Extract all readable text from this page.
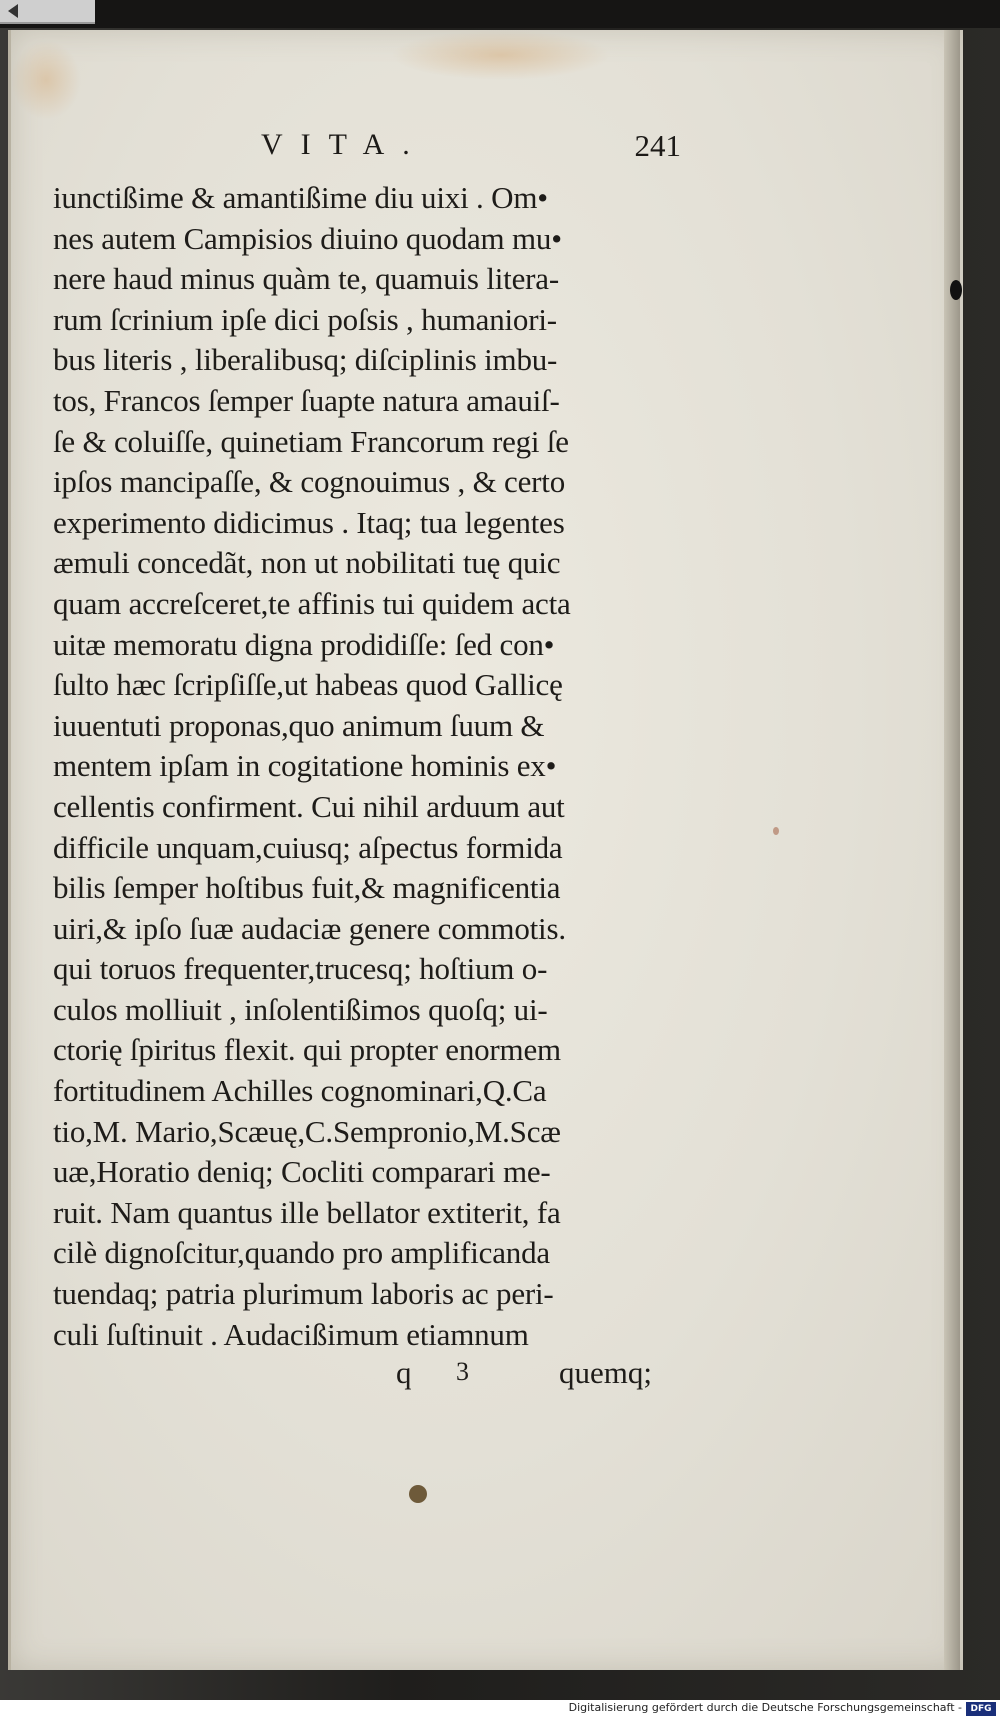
VITA.	241
iunctißime & amantißime diu uixi . Om•
nes autem Campisios diuino quodam mu•
nere haud minus quàm te, quamuis litera-
rum ſcrinium ipſe dici poſsis , humaniori-
bus literis , liberalibusq; diſciplinis imbu-
tos, Francos ſemper ſuapte natura amauiſ-
ſe & coluiſſe, quinetiam Francorum regi ſe
ipſos mancipaſſe, & cognouimus , & certo
experimento didicimus . Itaq; tua legentes
æmuli concedãt, non ut nobilitati tuę quic
quam accreſceret,te affinis tui quidem acta
uitæ memoratu digna prodidiſſe: ſed con•
ſulto hæc ſcripſiſſe,ut habeas quod Gallicę
iuuentuti proponas,quo animum ſuum &
mentem ipſam in cogitatione hominis ex•
cellentis confirment. Cui nihil arduum aut
difficile unquam,cuiusq; aſpectus formida
bilis ſemper hoſtibus fuit,& magnificentia
uiri,& ipſo ſuæ audaciæ genere commotis.
qui toruos frequenter,trucesq; hoſtium o-
culos molliuit , inſolentißimos quoſq; ui-
ctorię ſpiritus flexit. qui propter enormem
fortitudinem Achilles cognominari,Q.Ca
tio,M. Mario,Scæuę,C.Sempronio,M.Scæ
uæ,Horatio deniq; Cocliti comparari me-
ruit. Nam quantus ille bellator extiterit, fa
cilè dignoſcitur,quando pro amplificanda
tuendaq; patria plurimum laboris ac peri-
culi ſuſtinuit . Audacißimum etiamnum
q 3	quemq;
Digitalisierung gefördert durch die Deutsche Forschungsgemeinschaft - DFG
